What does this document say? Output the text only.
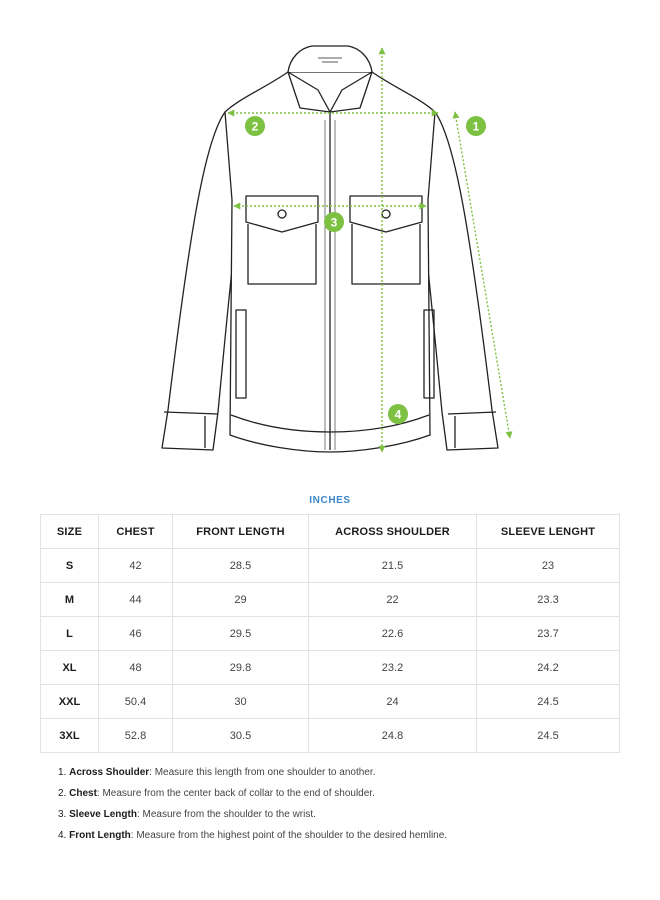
1
2
3
4
INCHES
SIZE	CHEST	FRONT LENGTH	ACROSS SHOULDER	SLEEVE LENGHT
S	42	28.5	21.5	23
M	44	29	22	23.3
L	46	29.5	22.6	23.7
XL	48	29.8	23.2	24.2
XXL	50.4	30	24	24.5
3XL	52.8	30.5	24.8	24.5
1. Across Shoulder: Measure this length from one shoulder to another.
2. Chest: Measure from the center back of collar to the end of shoulder.
3. Sleeve Length: Measure from the shoulder to the wrist.
4. Front Length: Measure from the highest point of the shoulder to the desired hemline.
